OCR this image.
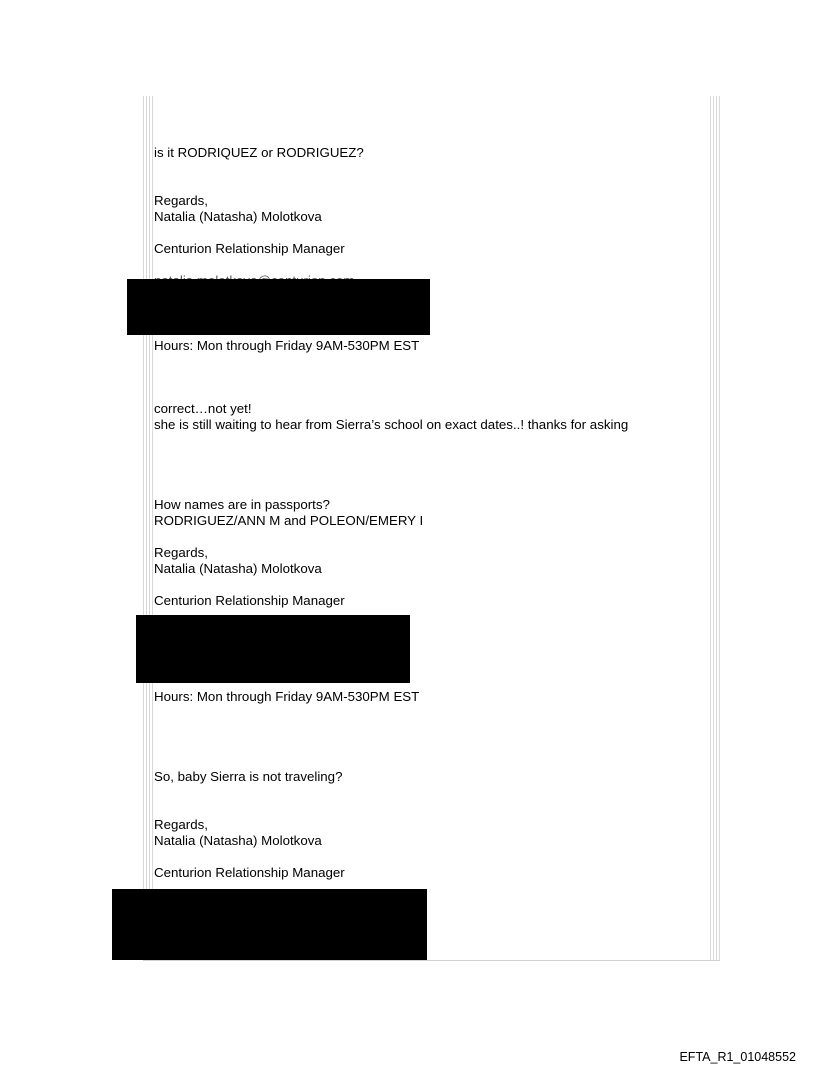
is it RODRIQUEZ or RODRIGUEZ?
Regards,
Natalia (Natasha) Molotkova
Centurion Relationship Manager
Hours: Mon through Friday 9AM-530PM EST
correct…not yet!
she is still waiting to hear from Sierra’s school on exact dates..! thanks for asking
How names are in passports?
RODRIGUEZ/ANN M and POLEON/EMERY I
Regards,
Natalia (Natasha) Molotkova
Centurion Relationship Manager
Hours: Mon through Friday 9AM-530PM EST
So, baby Sierra is not traveling?
Regards,
Natalia (Natasha) Molotkova
Centurion Relationship Manager
EFTA_R1_01048552
